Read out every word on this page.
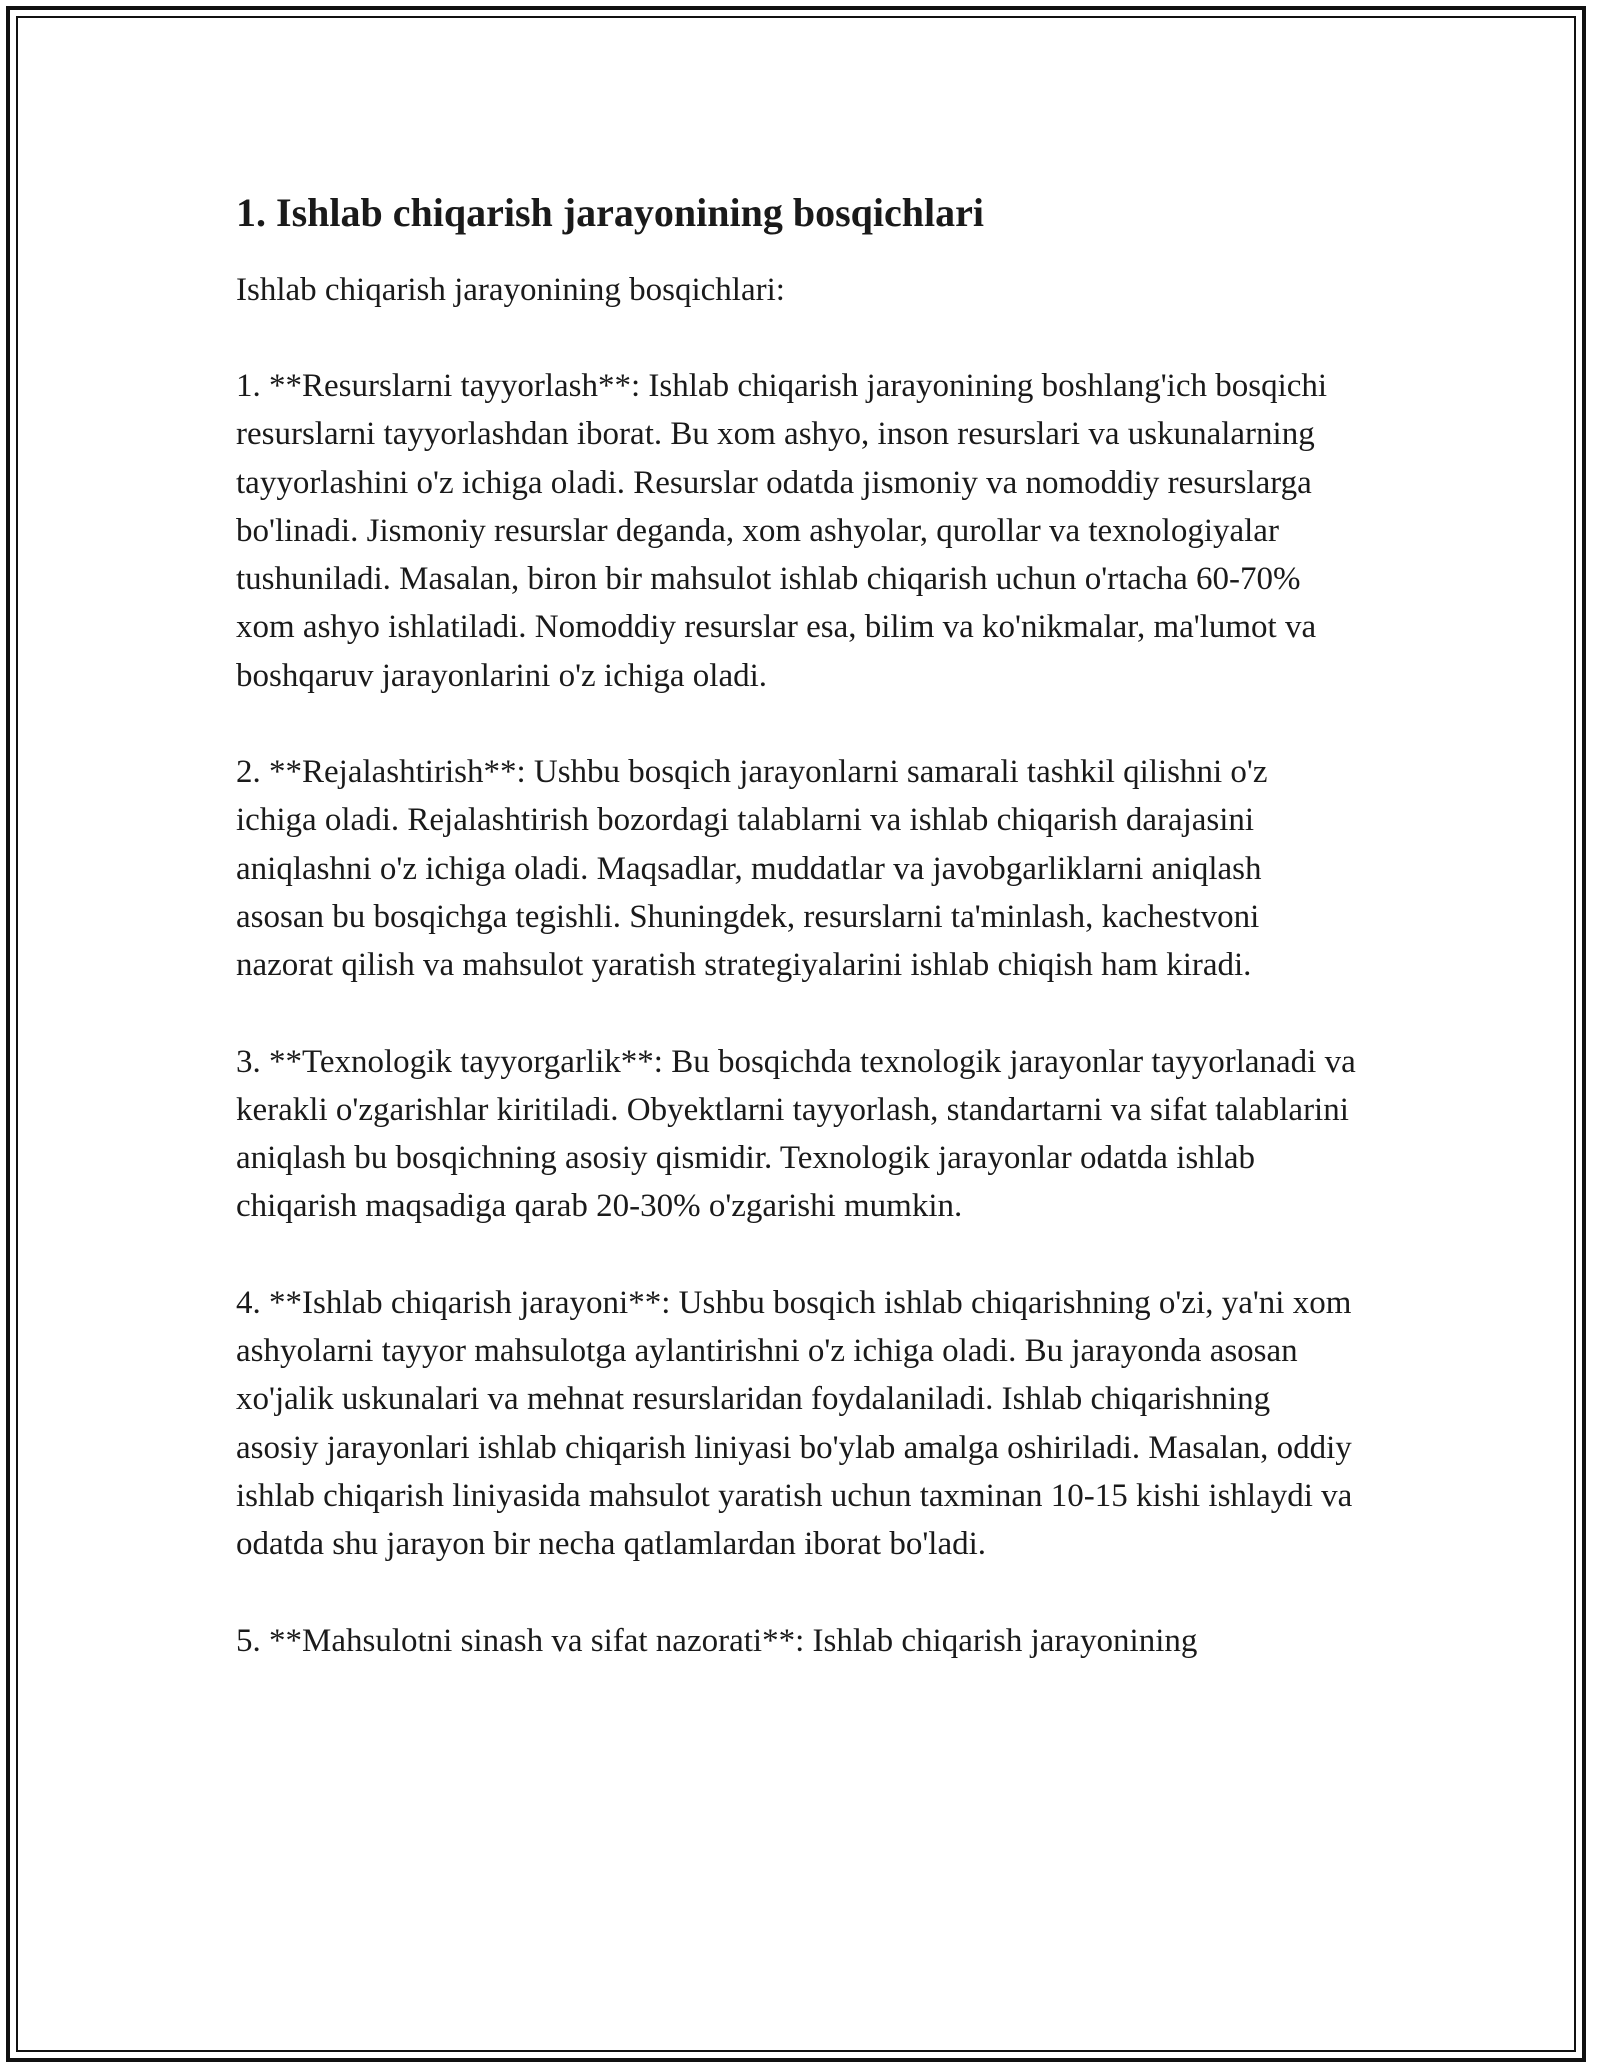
1. Ishlab chiqarish jarayonining bosqichlari

Ishlab chiqarish jarayonining bosqichlari:

1. **Resurslarni tayyorlash**: Ishlab chiqarish jarayonining boshlang'ich bosqichi resurslarni tayyorlashdan iborat. Bu xom ashyo, inson resurslari va uskunalarning tayyorlashini o'z ichiga oladi. Resurslar odatda jismoniy va nomoddiy resurslarga bo'linadi. Jismoniy resurslar deganda, xom ashyolar, qurollar va texnologiyalar tushuniladi. Masalan, biron bir mahsulot ishlab chiqarish uchun o'rtacha 60-70% xom ashyo ishlatiladi. Nomoddiy resurslar esa, bilim va ko'nikmalar, ma'lumot va boshqaruv jarayonlarini o'z ichiga oladi.

2. **Rejalashtirish**: Ushbu bosqich jarayonlarni samarali tashkil qilishni o'z ichiga oladi. Rejalashtirish bozordagi talablarni va ishlab chiqarish darajasini aniqlashni o'z ichiga oladi. Maqsadlar, muddatlar va javobgarliklarni aniqlash asosan bu bosqichga tegishli. Shuningdek, resurslarni ta'minlash, kachestvoni nazorat qilish va mahsulot yaratish strategiyalarini ishlab chiqish ham kiradi.

3. **Texnologik tayyorgarlik**: Bu bosqichda texnologik jarayonlar tayyorlanadi va kerakli o'zgarishlar kiritiladi. Obyektlarni tayyorlash, standartarni va sifat talablarini aniqlash bu bosqichning asosiy qismidir. Texnologik jarayonlar odatda ishlab chiqarish maqsadiga qarab 20-30% o'zgarishi mumkin.

4. **Ishlab chiqarish jarayoni**: Ushbu bosqich ishlab chiqarishning o'zi, ya'ni xom ashyolarni tayyor mahsulotga aylantirishni o'z ichiga oladi. Bu jarayonda asosan xo'jalik uskunalari va mehnat resurslaridan foydalaniladi. Ishlab chiqarishning asosiy jarayonlari ishlab chiqarish liniyasi bo'ylab amalga oshiriladi. Masalan, oddiy ishlab chiqarish liniyasida mahsulot yaratish uchun taxminan 10-15 kishi ishlaydi va odatda shu jarayon bir necha qatlamlardan iborat bo'ladi.

5. **Mahsulotni sinash va sifat nazorati**: Ishlab chiqarish jarayonining
